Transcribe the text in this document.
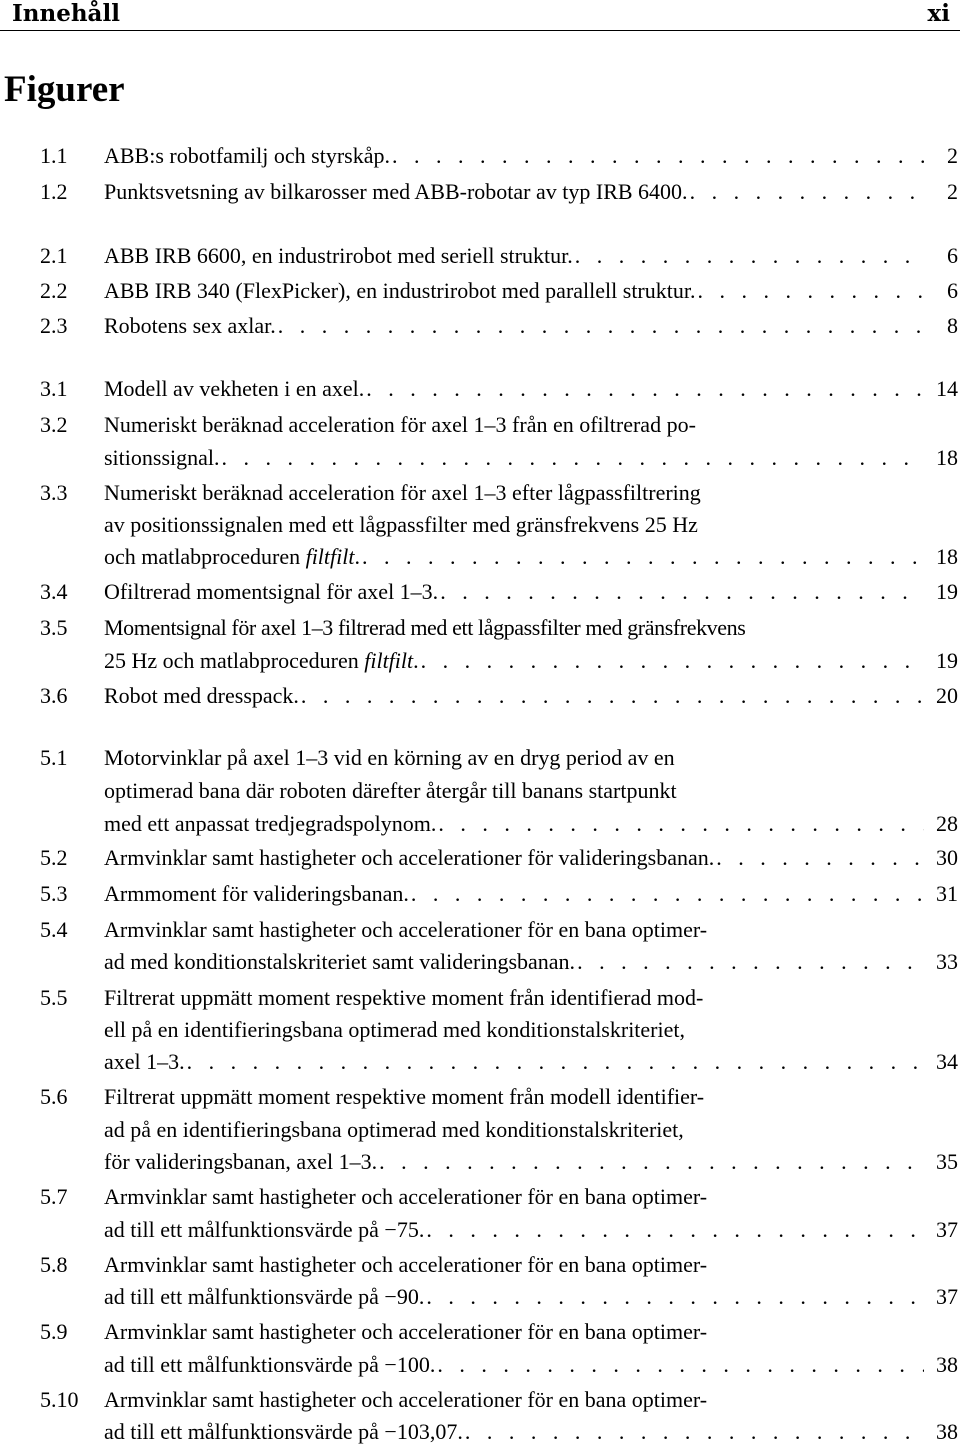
Innehåll	xi
Figurer
1.1 ABB:s robotfamilj och styrskåp. . . .	2
1.2 Punktsvetsning av bilkarosser med ABB-robotar av typ IRB 6400. . . .	2
2.1 ABB IRB 6600, en industrirobot med seriell struktur. . . .	6
2.2 ABB IRB 340 (FlexPicker), en industrirobot med parallell struktur. . . .	6
2.3 Robotens sex axlar. . . .	8
3.1 Modell av vekheten i en axel. . . .	14
3.2 Numeriskt beräknad acceleration för axel 1–3 från en ofiltrerad po-
sitionssignal. . . .	18
3.3 Numeriskt beräknad acceleration för axel 1–3 efter lågpassfiltrering
av positionssignalen med ett lågpassfilter med gränsfrekvens 25 Hz
och matlabproceduren filtfilt. . . .	18
3.4 Ofiltrerad momentsignal för axel 1–3. . . .	19
3.5 Momentsignal för axel 1–3 filtrerad med ett lågpassfilter med gränsfrekvens
25 Hz och matlabproceduren filtfilt. . . .	19
3.6 Robot med dresspack. . . .	20
5.1 Motorvinklar på axel 1–3 vid en körning av en dryg period av en
optimerad bana där roboten därefter återgår till banans startpunkt
med ett anpassat tredjegradspolynom. . . .	28
5.2 Armvinklar samt hastigheter och accelerationer för valideringsbanan. . . .	30
5.3 Armmoment för valideringsbanan. . . .	31
5.4 Armvinklar samt hastigheter och accelerationer för en bana optimer-
ad med konditionstalskriteriet samt valideringsbanan. . . .	33
5.5 Filtrerat uppmätt moment respektive moment från identifierad mod-
ell på en identifieringsbana optimerad med konditionstalskriteriet,
axel 1–3. . . .	34
5.6 Filtrerat uppmätt moment respektive moment från modell identifier-
ad på en identifieringsbana optimerad med konditionstalskriteriet,
för valideringsbanan, axel 1–3. . . .	35
5.7 Armvinklar samt hastigheter och accelerationer för en bana optimer-
ad till ett målfunktionsvärde på −75. . . .	37
5.8 Armvinklar samt hastigheter och accelerationer för en bana optimer-
ad till ett målfunktionsvärde på −90. . . .	37
5.9 Armvinklar samt hastigheter och accelerationer för en bana optimer-
ad till ett målfunktionsvärde på −100. . . .	38
5.10 Armvinklar samt hastigheter och accelerationer för en bana optimer-
ad till ett målfunktionsvärde på −103,07. . . .	38
